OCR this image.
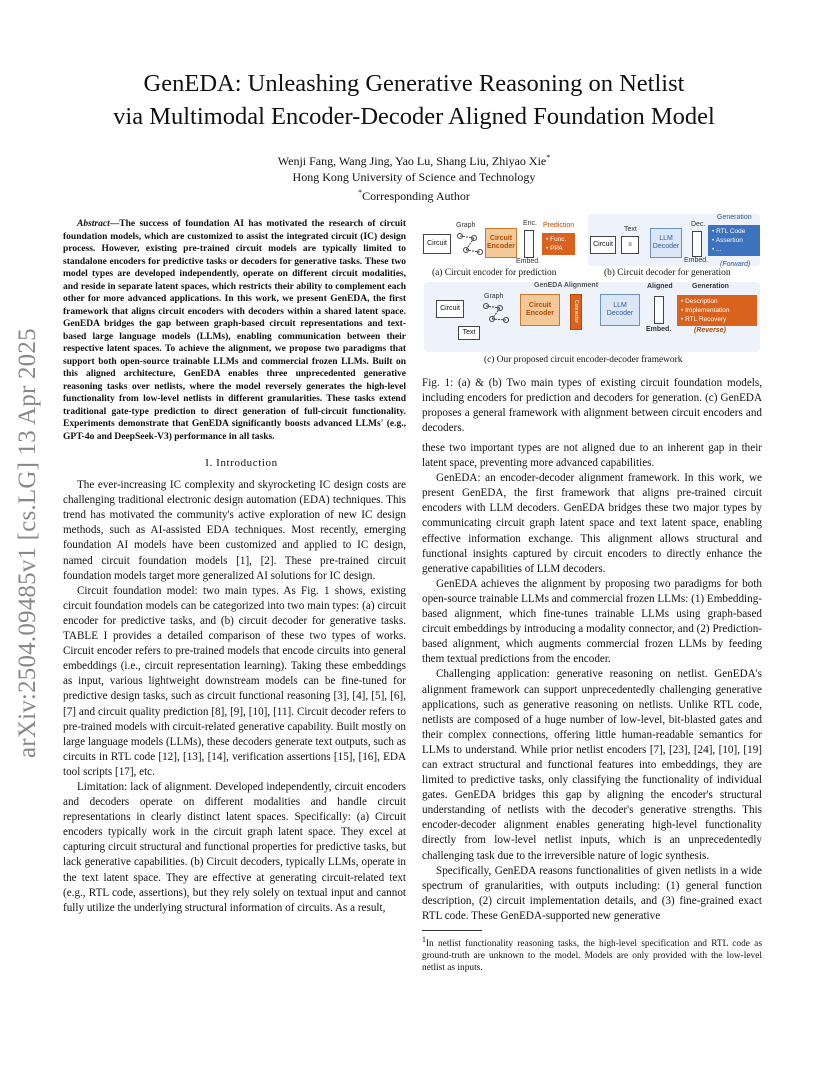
arXiv:2504.09485v1 [cs.LG] 13 Apr 2025
GenEDA: Unleashing Generative Reasoning on Netlist
via Multimodal Encoder-Decoder Aligned Foundation Model
Wenji Fang, Wang Jing, Yao Lu, Shang Liu, Zhiyao Xie*
Hong Kong University of Science and Technology
*Corresponding Author

Abstract—The success of foundation AI has motivated the research of circuit foundation models, which are customized to assist the integrated circuit (IC) design process. However, existing pre-trained circuit models are typically limited to standalone encoders for predictive tasks or decoders for generative tasks. These two model types are developed independently, operate on different circuit modalities, and reside in separate latent spaces, which restricts their ability to complement each other for more advanced applications. In this work, we present GenEDA, the first framework that aligns circuit encoders with decoders within a shared latent space. GenEDA bridges the gap between graph-based circuit representations and text-based large language models (LLMs), enabling communication between their respective latent spaces. To achieve the alignment, we propose two paradigms that support both open-source trainable LLMs and commercial frozen LLMs. Built on this aligned architecture, GenEDA enables three unprecedented generative reasoning tasks over netlists, where the model reversely generates the high-level functionality from low-level netlists in different granularities. These tasks extend traditional gate-type prediction to direct generation of full-circuit functionality. Experiments demonstrate that GenEDA significantly boosts advanced LLMs' (e.g., GPT-4o and DeepSeek-V3) performance in all tasks.

I. Introduction

The ever-increasing IC complexity and skyrocketing IC design costs are challenging traditional electronic design automation (EDA) techniques. This trend has motivated the community's active exploration of new IC design methods, such as AI-assisted EDA techniques. Most recently, emerging foundation AI models have been customized and applied to IC design, named circuit foundation models [1], [2]. These pre-trained circuit foundation models target more generalized AI solutions for IC design.

Circuit foundation model: two main types. As Fig. 1 shows, existing circuit foundation models can be categorized into two main types: (a) circuit encoder for predictive tasks, and (b) circuit decoder for generative tasks. TABLE I provides a detailed comparison of these two types of works. Circuit encoder refers to pre-trained models that encode circuits into general embeddings (i.e., circuit representation learning). Taking these embeddings as input, various lightweight downstream models can be fine-tuned for predictive design tasks, such as circuit functional reasoning [3], [4], [5], [6], [7] and circuit quality prediction [8], [9], [10], [11]. Circuit decoder refers to pre-trained models with circuit-related generative capability. Built mostly on large language models (LLMs), these decoders generate text outputs, such as circuits in RTL code [12], [13], [14], verification assertions [15], [16], EDA tool scripts [17], etc.

Limitation: lack of alignment. Developed independently, circuit encoders and decoders operate on different modalities and handle circuit representations in clearly distinct latent spaces. Specifically: (a) Circuit encoders typically work in the circuit graph latent space. They excel at capturing circuit structural and functional properties for predictive tasks, but lack generative capabilities. (b) Circuit decoders, typically LLMs, operate in the text latent space. They are effective at generating circuit-related text (e.g., RTL code, assertions), but they rely solely on textual input and cannot fully utilize the underlying structural information of circuits. As a result,

Graph
Circuit
Circuit Encoder
Enc.
Embed.
Prediction
• Func.
• PPA
(a) Circuit encoder for prediction
Text
Circuit	≡
LLM Decoder
Dec.
Embed.
Generation
• RTL Code
• Assertion
• ...
(Forward)
(b) Circuit decoder for generation
GenEDA Alignment
Graph
Circuit
Text
Circuit Encoder	Connector	LLM Decoder
Aligned
Embed.
Generation
• Description
• Implementation
• RTL Recovery
(Reverse)
(c) Our proposed circuit encoder-decoder framework
Fig. 1: (a) & (b) Two main types of existing circuit foundation models, including encoders for prediction and decoders for generation. (c) GenEDA proposes a general framework with alignment between circuit encoders and decoders.
these two important types are not aligned due to an inherent gap in their latent space, preventing more advanced capabilities.

GenEDA: an encoder-decoder alignment framework. In this work, we present GenEDA, the first framework that aligns pre-trained circuit encoders with LLM decoders. GenEDA bridges these two major types by communicating circuit graph latent space and text latent space, enabling effective information exchange. This alignment allows structural and functional insights captured by circuit encoders to directly enhance the generative capabilities of LLM decoders.

GenEDA achieves the alignment by proposing two paradigms for both open-source trainable LLMs and commercial frozen LLMs: (1) Embedding-based alignment, which fine-tunes trainable LLMs using graph-based circuit embeddings by introducing a modality connector, and (2) Prediction-based alignment, which augments commercial frozen LLMs by feeding them textual predictions from the encoder.

Challenging application: generative reasoning on netlist. GenEDA's alignment framework can support unprecedentedly challenging generative applications, such as generative reasoning on netlists. Unlike RTL code, netlists are composed of a huge number of low-level, bit-blasted gates and their complex connections, offering little human-readable semantics for LLMs to understand. While prior netlist encoders [7], [23], [24], [10], [19] can extract structural and functional features into embeddings, they are limited to predictive tasks, only classifying the functionality of individual gates. GenEDA bridges this gap by aligning the encoder's structural understanding of netlists with the decoder's generative strengths. This encoder-decoder alignment enables generating high-level functionality directly from low-level netlist inputs, which is an unprecedentedly challenging task due to the irreversible nature of logic synthesis.

Specifically, GenEDA reasons functionalities of given netlists in a wide spectrum of granularities, with outputs including: (1) general function description, (2) circuit implementation details, and (3) fine-grained exact RTL code. These GenEDA-supported new generative

$^1$In netlist functionality reasoning tasks, the high-level specification and RTL code as ground-truth are unknown to the model. Models are only provided with the low-level netlist as inputs.
